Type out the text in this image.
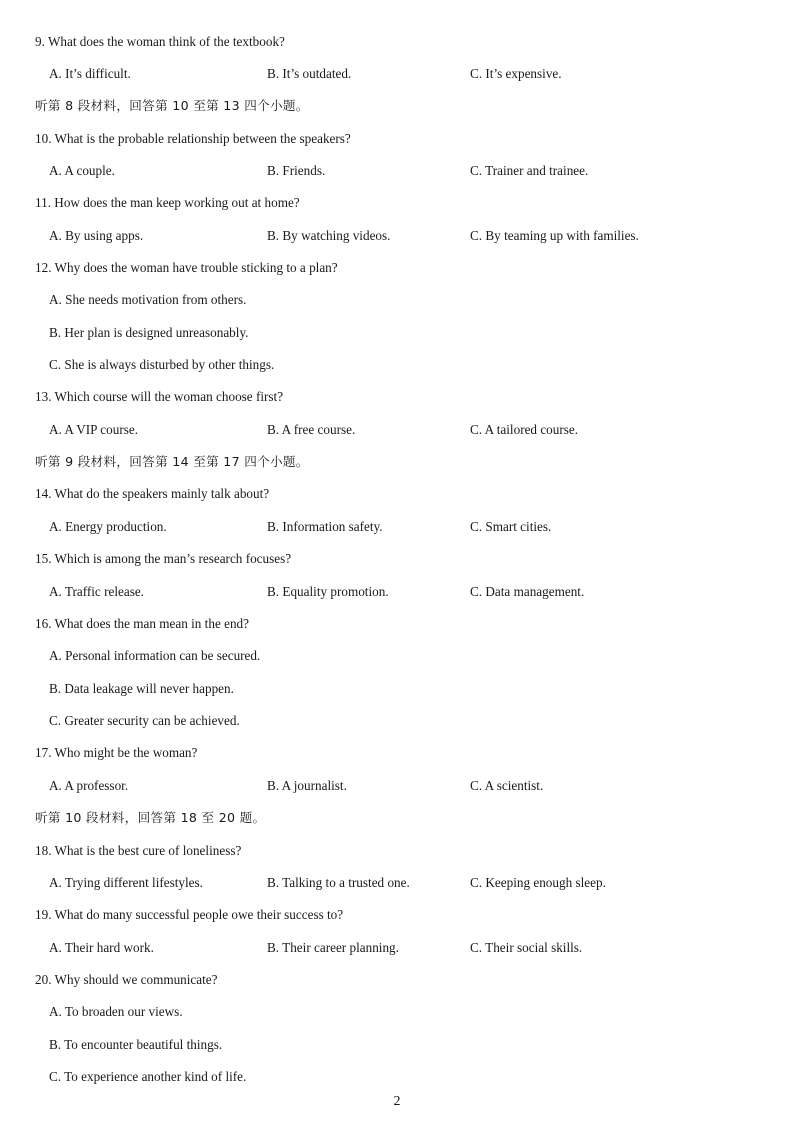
9. What does the woman think of the textbook?
A. It’s difficult.	B. It’s outdated.	C. It’s expensive.
听第 8 段材料，回答第 10 至第 13 四个小题。
10. What is the probable relationship between the speakers?
A. A couple.	B. Friends.	C. Trainer and trainee.
11. How does the man keep working out at home?
A. By using apps.	B. By watching videos.	C. By teaming up with families.
12. Why does the woman have trouble sticking to a plan?
A. She needs motivation from others.
B. Her plan is designed unreasonably.
C. She is always disturbed by other things.
13. Which course will the woman choose first?
A. A VIP course.	B. A free course.	C. A tailored course.
听第 9 段材料，回答第 14 至第 17 四个小题。
14. What do the speakers mainly talk about?
A. Energy production.	B. Information safety.	C. Smart cities.
15. Which is among the man’s research focuses?
A. Traffic release.	B. Equality promotion.	C. Data management.
16. What does the man mean in the end?
A. Personal information can be secured.
B. Data leakage will never happen.
C. Greater security can be achieved.
17. Who might be the woman?
A. A professor.	B. A journalist.	C. A scientist.
听第 10 段材料，回答第 18 至 20 题。
18. What is the best cure of loneliness?
A. Trying different lifestyles.	B. Talking to a trusted one.	C. Keeping enough sleep.
19. What do many successful people owe their success to?
A. Their hard work.	B. Their career planning.	C. Their social skills.
20. Why should we communicate?
A. To broaden our views.
B. To encounter beautiful things.
C. To experience another kind of life.
2
